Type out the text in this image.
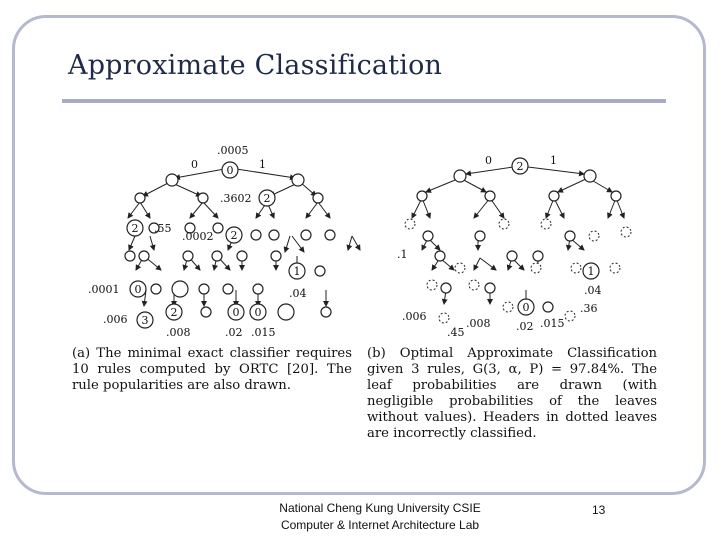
Approximate Classification
.0005
0
0	1
.3602 2
.55
2
.0002 2
1
.0001 0	.04
.006 3
2	0 0
.008	.02 .015
2
0	1
.1
1
.04
.36
.006
0
.45
.008 .02 .015
(a) The minimal exact classifier requires 10 rules computed by ORTC [20]. The rule popularities are also drawn.
(b) Optimal Approximate Classification given 3 rules, G(3, α, P) = 97.84%. The leaf probabilities are drawn (with negligible probabilities of the leaves without values). Headers in dotted leaves are incorrectly classified.
National Cheng Kung University CSIE
Computer & Internet Architecture Lab
13
